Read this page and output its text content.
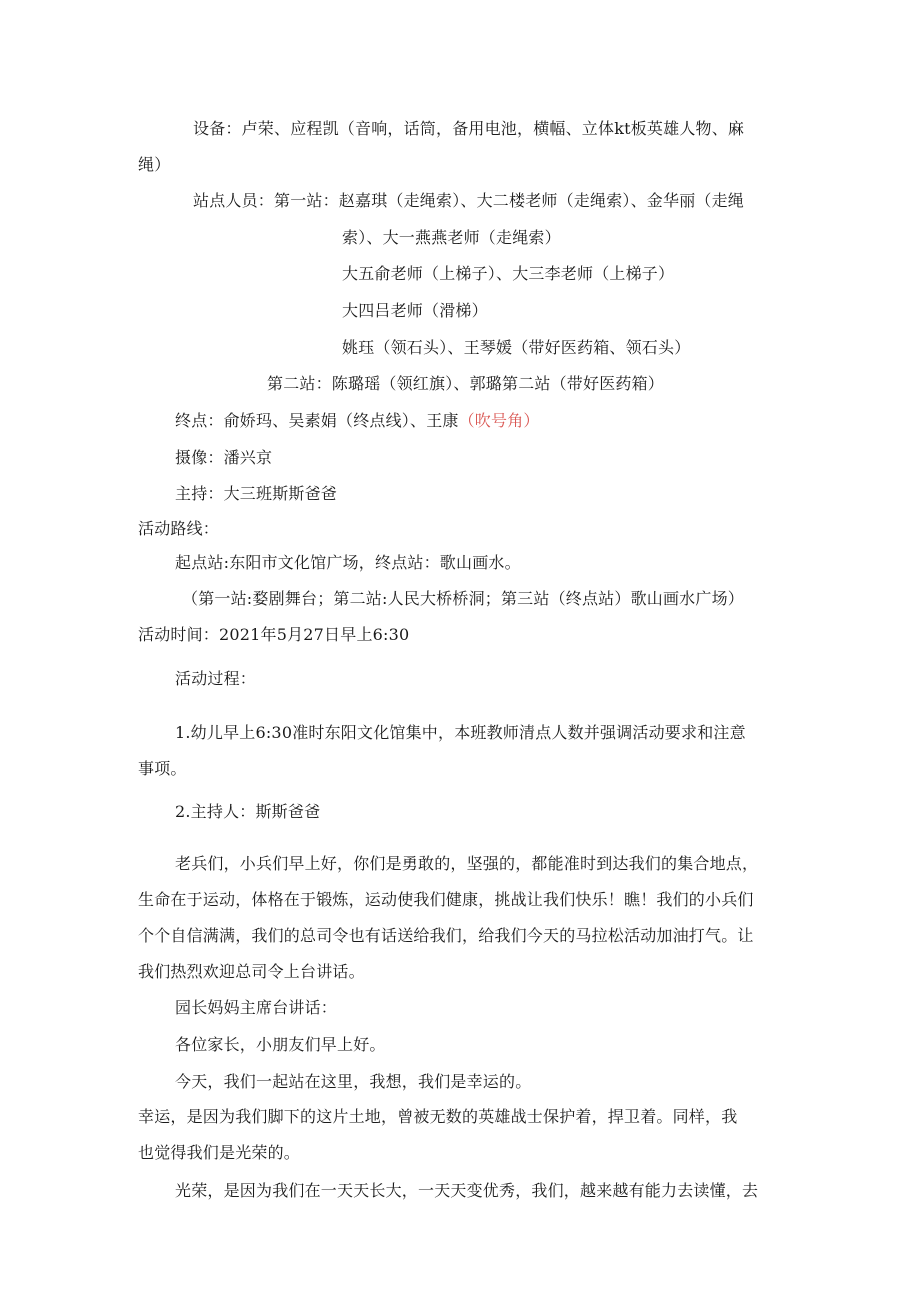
设备：卢荣、应程凯（音响，话筒，备用电池，横幅、立体kt板英雄人物、麻
绳）
站点人员：第一站：赵嘉琪（走绳索）、大二楼老师（走绳索）、金华丽（走绳
索）、大一燕燕老师（走绳索）
大五俞老师（上梯子）、大三李老师（上梯子）
大四吕老师（滑梯）
姚珏（领石头）、王琴媛（带好医药箱、领石头）
第二站：陈璐瑶（领红旗）、郭璐第二站（带好医药箱）
终点：俞娇玛、吴素娟（终点线）、王康（吹号角）
摄像：潘兴京
主持：大三班斯斯爸爸
活动路线：
起点站:东阳市文化馆广场，终点站：歌山画水。
（第一站:婺剧舞台；第二站:人民大桥桥洞；第三站（终点站）歌山画水广场）
活动时间：2021年5月27日早上6:30
活动过程：
1.幼儿早上6:30准时东阳文化馆集中，本班教师清点人数并强调活动要求和注意
事项。
2.主持人：斯斯爸爸
老兵们，小兵们早上好，你们是勇敢的，坚强的，都能准时到达我们的集合地点，
生命在于运动，体格在于锻炼，运动使我们健康，挑战让我们快乐！瞧！我们的小兵们
个个自信满满，我们的总司令也有话送给我们，给我们今天的马拉松活动加油打气。让
我们热烈欢迎总司令上台讲话。
园长妈妈主席台讲话：
各位家长，小朋友们早上好。
今天，我们一起站在这里，我想，我们是幸运的。
幸运，是因为我们脚下的这片土地，曾被无数的英雄战士保护着，捍卫着。同样，我
也觉得我们是光荣的。
光荣，是因为我们在一天天长大，一天天变优秀，我们，越来越有能力去读懂，去
